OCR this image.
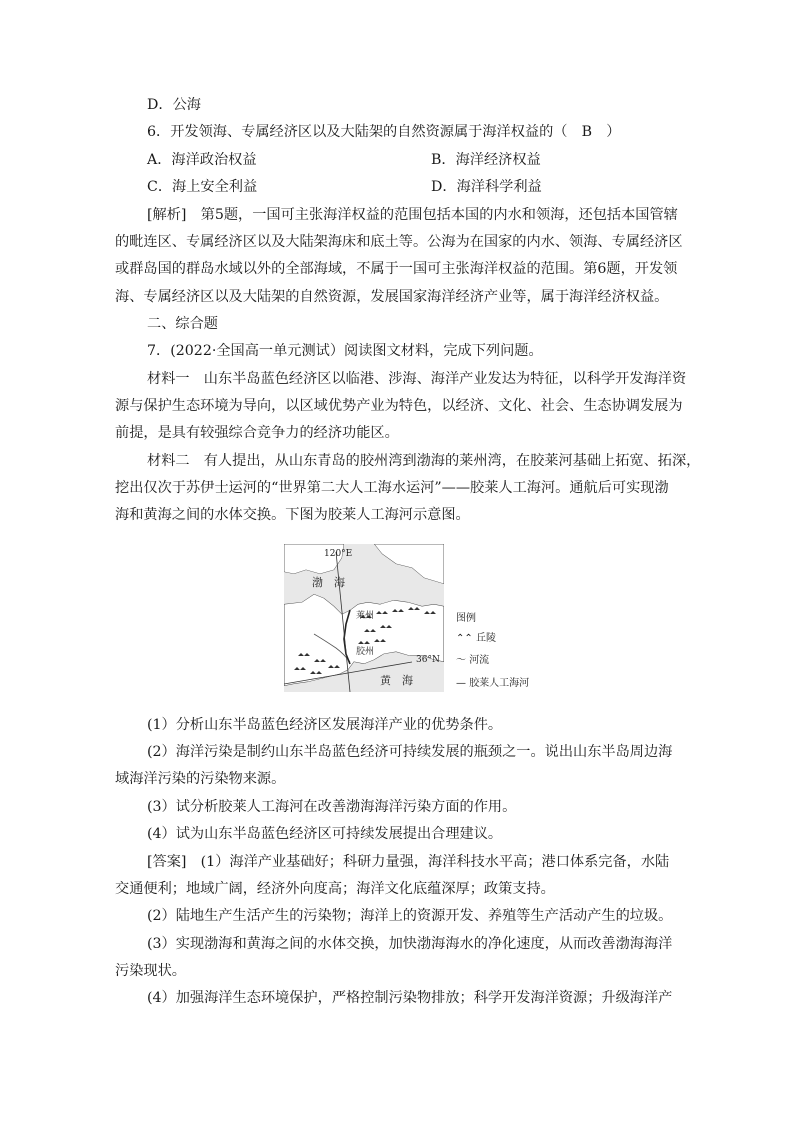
D．公海
6．开发领海、专属经济区以及大陆架的自然资源属于海洋权益的（　B　）
A．海洋政治权益	B．海洋经济权益
C．海上安全利益	D．海洋科学利益
[解析]　第5题，一国可主张海洋权益的范围包括本国的内水和领海，还包括本国管辖
的毗连区、专属经济区以及大陆架海床和底土等。公海为在国家的内水、领海、专属经济区
或群岛国的群岛水域以外的全部海域，不属于一国可主张海洋权益的范围。第6题，开发领
海、专属经济区以及大陆架的自然资源，发展国家海洋经济产业等，属于海洋经济权益。
二、综合题
7．(2022·全国高一单元测试）阅读图文材料，完成下列问题。
材料一　山东半岛蓝色经济区以临港、涉海、海洋产业发达为特征，以科学开发海洋资
源与保护生态环境为导向，以区域优势产业为特色，以经济、文化、社会、生态协调发展为
前提，是具有较强综合竞争力的经济功能区。
材料二　有人提出，从山东青岛的胶州湾到渤海的莱州湾，在胶莱河基础上拓宽、拓深，
挖出仅次于苏伊士运河的“世界第二大人工海水运河”——胶莱人工海河。通航后可实现渤
海和黄海之间的水体交换。下图为胶莱人工海河示意图。
120°E
渤　海
莱州
胶州
36°N
黄　海
图例
⌃⌃ 丘陵
〜 河流
— 胶莱人工海河
(1）分析山东半岛蓝色经济区发展海洋产业的优势条件。
(2）海洋污染是制约山东半岛蓝色经济可持续发展的瓶颈之一。说出山东半岛周边海
域海洋污染的污染物来源。
(3）试分析胶莱人工海河在改善渤海海洋污染方面的作用。
(4）试为山东半岛蓝色经济区可持续发展提出合理建议。
[答案]　(1）海洋产业基础好；科研力量强，海洋科技水平高；港口体系完备，水陆
交通便利；地域广阔，经济外向度高；海洋文化底蕴深厚；政策支持。
(2）陆地生产生活产生的污染物；海洋上的资源开发、养殖等生产活动产生的垃圾。
(3）实现渤海和黄海之间的水体交换，加快渤海海水的净化速度，从而改善渤海海洋
污染现状。
(4）加强海洋生态环境保护，严格控制污染物排放；科学开发海洋资源；升级海洋产
